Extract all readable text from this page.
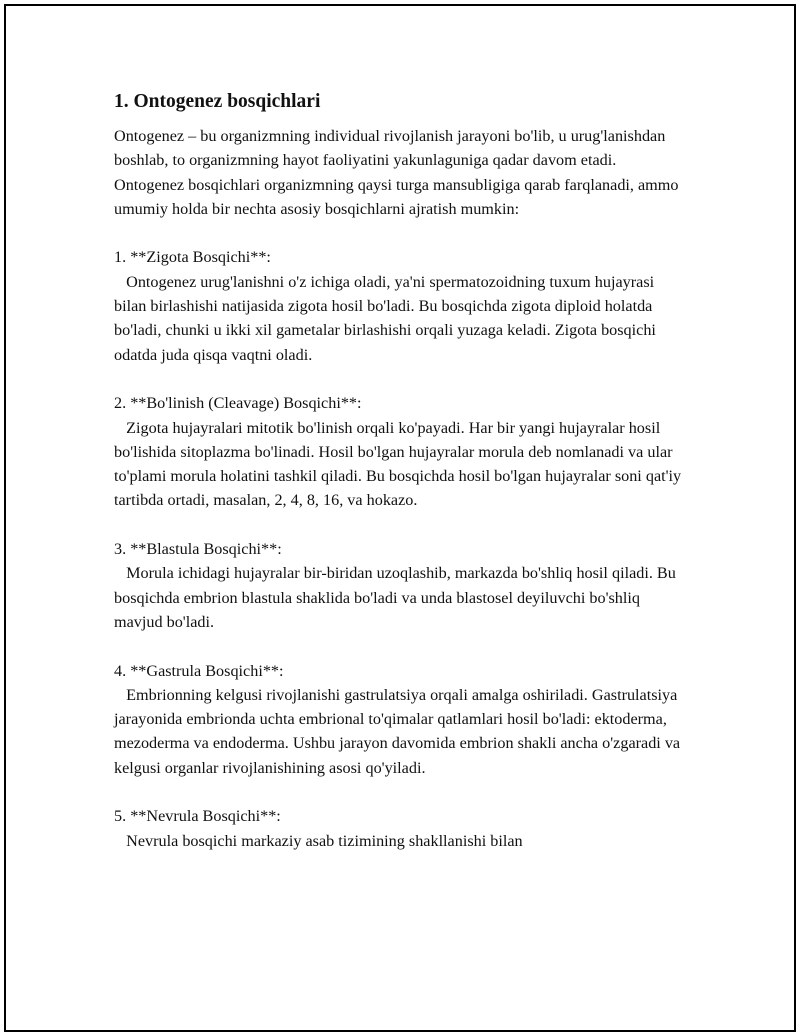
1. Ontogenez bosqichlari

Ontogenez – bu organizmning individual rivojlanish jarayoni bo'lib, u urug'lanishdan boshlab, to organizmning hayot faoliyatini yakunlaguniga qadar davom etadi. Ontogenez bosqichlari organizmning qaysi turga mansubligiga qarab farqlanadi, ammo umumiy holda bir nechta asosiy bosqichlarni ajratish mumkin:

1. **Zigota Bosqichi**:
Ontogenez urug'lanishni o'z ichiga oladi, ya'ni spermatozoidning tuxum hujayrasi bilan birlashishi natijasida zigota hosil bo'ladi. Bu bosqichda zigota diploid holatda bo'ladi, chunki u ikki xil gametalar birlashishi orqali yuzaga keladi. Zigota bosqichi odatda juda qisqa vaqtni oladi.

2. **Bo'linish (Cleavage) Bosqichi**:
Zigota hujayralari mitotik bo'linish orqali ko'payadi. Har bir yangi hujayralar hosil bo'lishida sitoplazma bo'linadi. Hosil bo'lgan hujayralar morula deb nomlanadi va ular to'plami morula holatini tashkil qiladi. Bu bosqichda hosil bo'lgan hujayralar soni qat'iy tartibda ortadi, masalan, 2, 4, 8, 16, va hokazo.

3. **Blastula Bosqichi**:
Morula ichidagi hujayralar bir-biridan uzoqlashib, markazda bo'shliq hosil qiladi. Bu bosqichda embrion blastula shaklida bo'ladi va unda blastosel deyiluvchi bo'shliq mavjud bo'ladi.

4. **Gastrula Bosqichi**:
Embrionning kelgusi rivojlanishi gastrulatsiya orqali amalga oshiriladi. Gastrulatsiya jarayonida embrionda uchta embrional to'qimalar qatlamlari hosil bo'ladi: ektoderma, mezoderma va endoderma. Ushbu jarayon davomida embrion shakli ancha o'zgaradi va kelgusi organlar rivojlanishining asosi qo'yiladi.

5. **Nevrula Bosqichi**:
Nevrula bosqichi markaziy asab tizimining shakllanishi bilan
